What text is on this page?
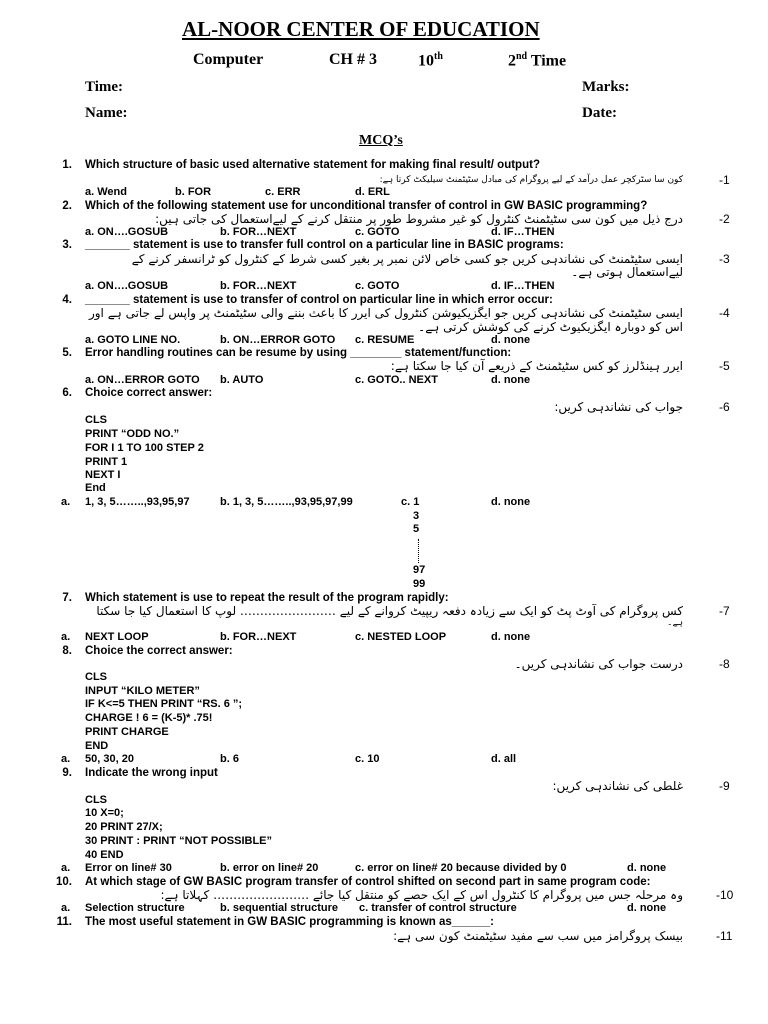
AL-NOOR CENTER OF EDUCATION
Computer	CH # 3	10th	2nd Time
Time:	Marks:
Name:	Date:
MCQ’s
1. Which structure of basic used alternative statement for making final result/ output?
کون سا سٹرکچر عمل درآمد کے لیے پروگرام کی مبادل سٹیٹمنٹ سیلیکٹ کرتا ہے:	-1
a. Wend	b. FOR	c. ERR	d. ERL
2. Which of the following statement use for unconditional transfer of control in GW BASIC programming?
درج ذیل میں کون سی سٹیٹمنٹ کنٹرول کو غیر مشروط طور پر منتقل کرنے کے لیےاستعمال کی جاتی ہیں:	-2
a. ON….GOSUB	b. FOR…NEXT	c. GOTO	d. IF…THEN
3. _______ statement is use to transfer full control on a particular line in BASIC programs:
ایسی سٹیٹمنٹ کی نشاندہی کریں جو کسی خاص لائن نمبر پر بغیر کسی شرط کے کنٹرول کو ٹرانسفر کرنے کے
لیےاستعمال ہوتی ہے۔
-3
a. ON….GOSUB	b. FOR…NEXT	c. GOTO	d. IF…THEN
4. _______ statement is use to transfer of control on particular line in which error occur:
ایسی سٹیٹمنٹ کی نشاندہی کریں جو ایگزیکیوشن کنٹرول کی ایرر کا باعث بننے والی سٹیٹمنٹ پر واپس لے جاتی ہے اور
اس کو دوبارہ ایگزیکیوٹ کرنے کی کوشش کرتی ہے۔
-4
a. GOTO LINE NO.	b. ON…ERROR GOTO c. RESUME	d. none
5. Error handling routines can be resume by using ________ statement/function:
ایرر ہینڈلرز کو کس سٹیٹمنٹ کے ذریعے آن کیا جا سکتا ہے:	-5
a. ON…ERROR GOTO b. AUTO	c. GOTO.. NEXT	d. none
6. Choice correct answer:
جواب کی نشاندہی کریں:	-6
CLS
PRINT “ODD NO.”
FOR I 1 TO 100 STEP 2
PRINT 1
NEXT I
End
a. 1, 3, 5……..,93,95,97	b. 1, 3, 5……..,93,95,97,99	c. 1	d. none
3
5
97
99
7. Which statement is use to repeat the result of the program rapidly:
کس پروگرام کی آوٹ پٹ کو ایک سے زیادہ دفعہ ریپیٹ کروانے کے لیے …………………… لوپ کا استعمال کیا جا سکتا
ہے۔
-7
a. NEXT LOOP	b. FOR…NEXT	c. NESTED LOOP	d. none
8. Choice the correct answer:
درست جواب کی نشاندہی کریں۔	-8
CLS
INPUT “KILO METER”
IF K<=5 THEN PRINT “RS. 6 ”;
CHARGE ! 6 = (K-5)* .75!
PRINT CHARGE
END
a. 50, 30, 20	b. 6	c. 10	d. all
9. Indicate the wrong input
غلطی کی نشاندہی کریں:	-9
CLS
10 X=0;
20 PRINT 27/X;
30 PRINT : PRINT “NOT POSSIBLE”
40 END
a. Error on line# 30	b. error on line# 20	c. error on line# 20 because divided by 0	d. none
10. At which stage of GW BASIC program transfer of control shifted on second part in same program code:
وہ مرحلہ جس میں پروگرام کا کنٹرول اس کے ایک حصے کو منتقل کیا جائے …………………… کہلاتا ہے:	-10
a. Selection structure	b. sequential structure c. transfer of control structure	d. none
11. The most useful statement in GW BASIC programming is known as______:
بیسک پروگرامز میں سب سے مفید سٹیٹمنٹ کون سی ہے:	-11
